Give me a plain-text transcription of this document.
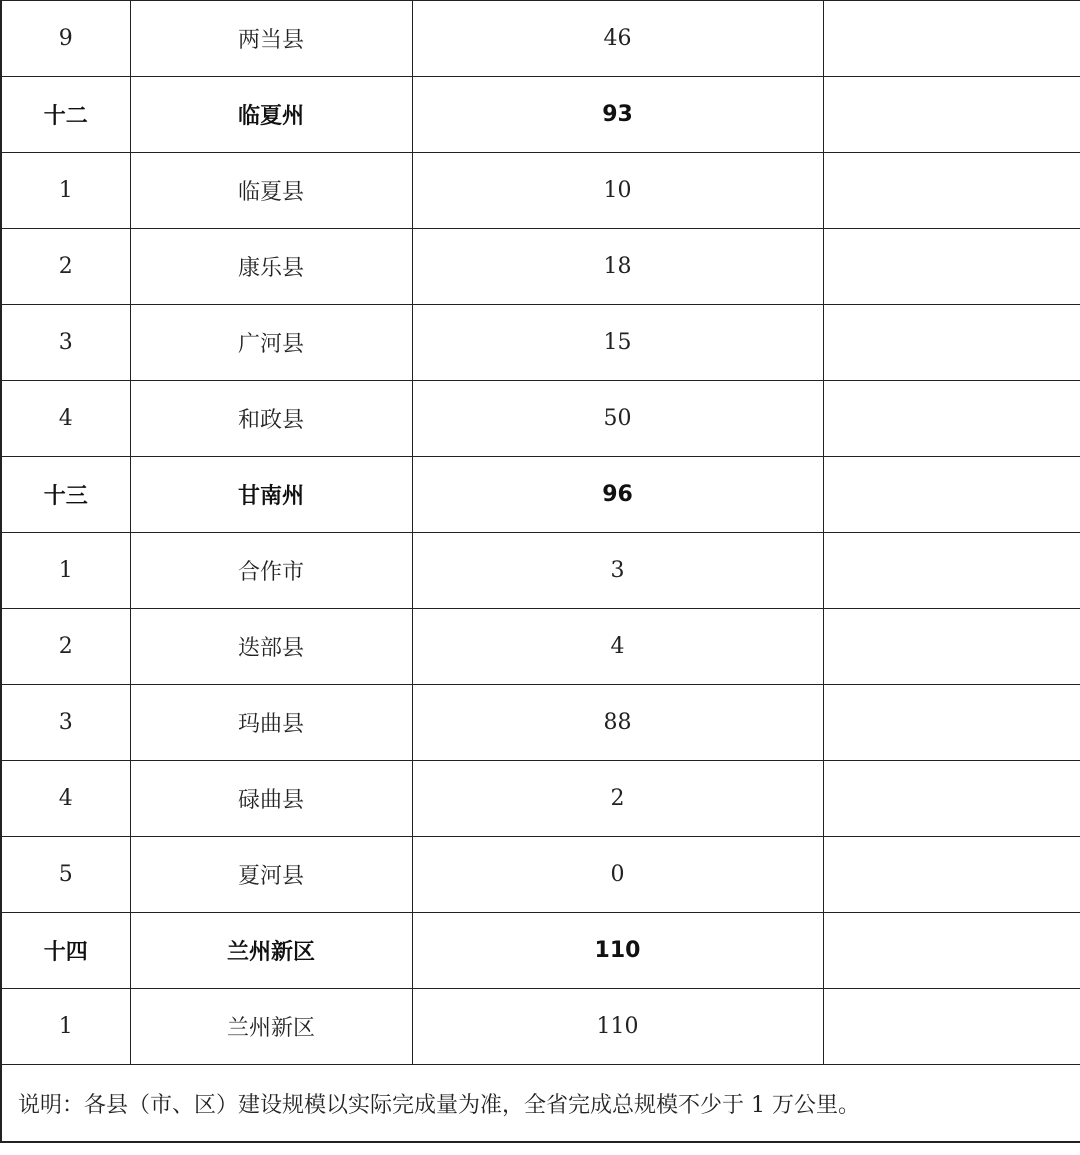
9	两当县	46	
十二	临夏州	93	
1	临夏县	10	
2	康乐县	18	
3	广河县	15	
4	和政县	50	
十三	甘南州	96	
1	合作市	3	
2	迭部县	4	
3	玛曲县	88	
4	碌曲县	2	
5	夏河县	0	
十四	兰州新区	110	
1	兰州新区	110	
说明：各县（市、区）建设规模以实际完成量为准，全省完成总规模不少于 1 万公里。			
